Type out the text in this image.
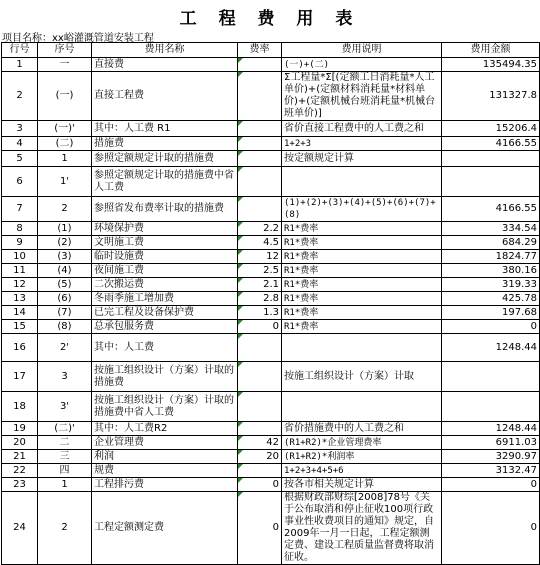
工 程 费 用 表
项目名称：xx峪灌溉管道安装工程
行号	序号	费用名称	费率	费用说明	费用金额
1	一	直接费		(一)+(二)	135494.35
2	(一)	直接工程费		Σ工程量*Σ[(定额工日消耗量*人工单价)+(定额材料消耗量*材料单价)+(定额机械台班消耗量*机械台班单价)]	131327.8
3	(一)'	其中：人工费 R1		省价直接工程费中的人工费之和	15206.4
4	(二)	措施费		1+2+3	4166.55
5	1	参照定额规定计取的措施费		按定额规定计算	
6	1'	参照定额规定计取的措施费中省人工费			
7	2	参照省发布费率计取的措施费		(1)+(2)+(3)+(4)+(5)+(6)+(7)+(8)	4166.55
8	(1)	环境保护费	2.2	R1*费率	334.54
9	(2)	文明施工费	4.5	R1*费率	684.29
10	(3)	临时设施费	12	R1*费率	1824.77
11	(4)	夜间施工费	2.5	R1*费率	380.16
12	(5)	二次搬运费	2.1	R1*费率	319.33
13	(6)	冬雨季施工增加费	2.8	R1*费率	425.78
14	(7)	已完工程及设备保护费	1.3	R1*费率	197.68
15	(8)	总承包服务费	0	R1*费率	0
16	2'	其中：人工费			1248.44
17	3	按施工组织设计（方案）计取的措施费		按施工组织设计（方案）计取	
18	3'	按施工组织设计（方案）计取的措施费中省人工费			
19	(二)'	其中：人工费R2		省价措施费中的人工费之和	1248.44
20	二	企业管理费	42	(R1+R2)*企业管理费率	6911.03
21	三	利润	20	(R1+R2)*利润率	3290.97
22	四	规费		1+2+3+4+5+6	3132.47
23	1	工程排污费	0	按各市相关规定计算	0
24	2	工程定额测定费	0	根据财政部财综[2008]78号《关于公布取消和停止征收100项行政事业性收费项目的通知》规定，自2009年一月一日起，工程定额测定费、建设工程质量监督费将取消征收。	0
